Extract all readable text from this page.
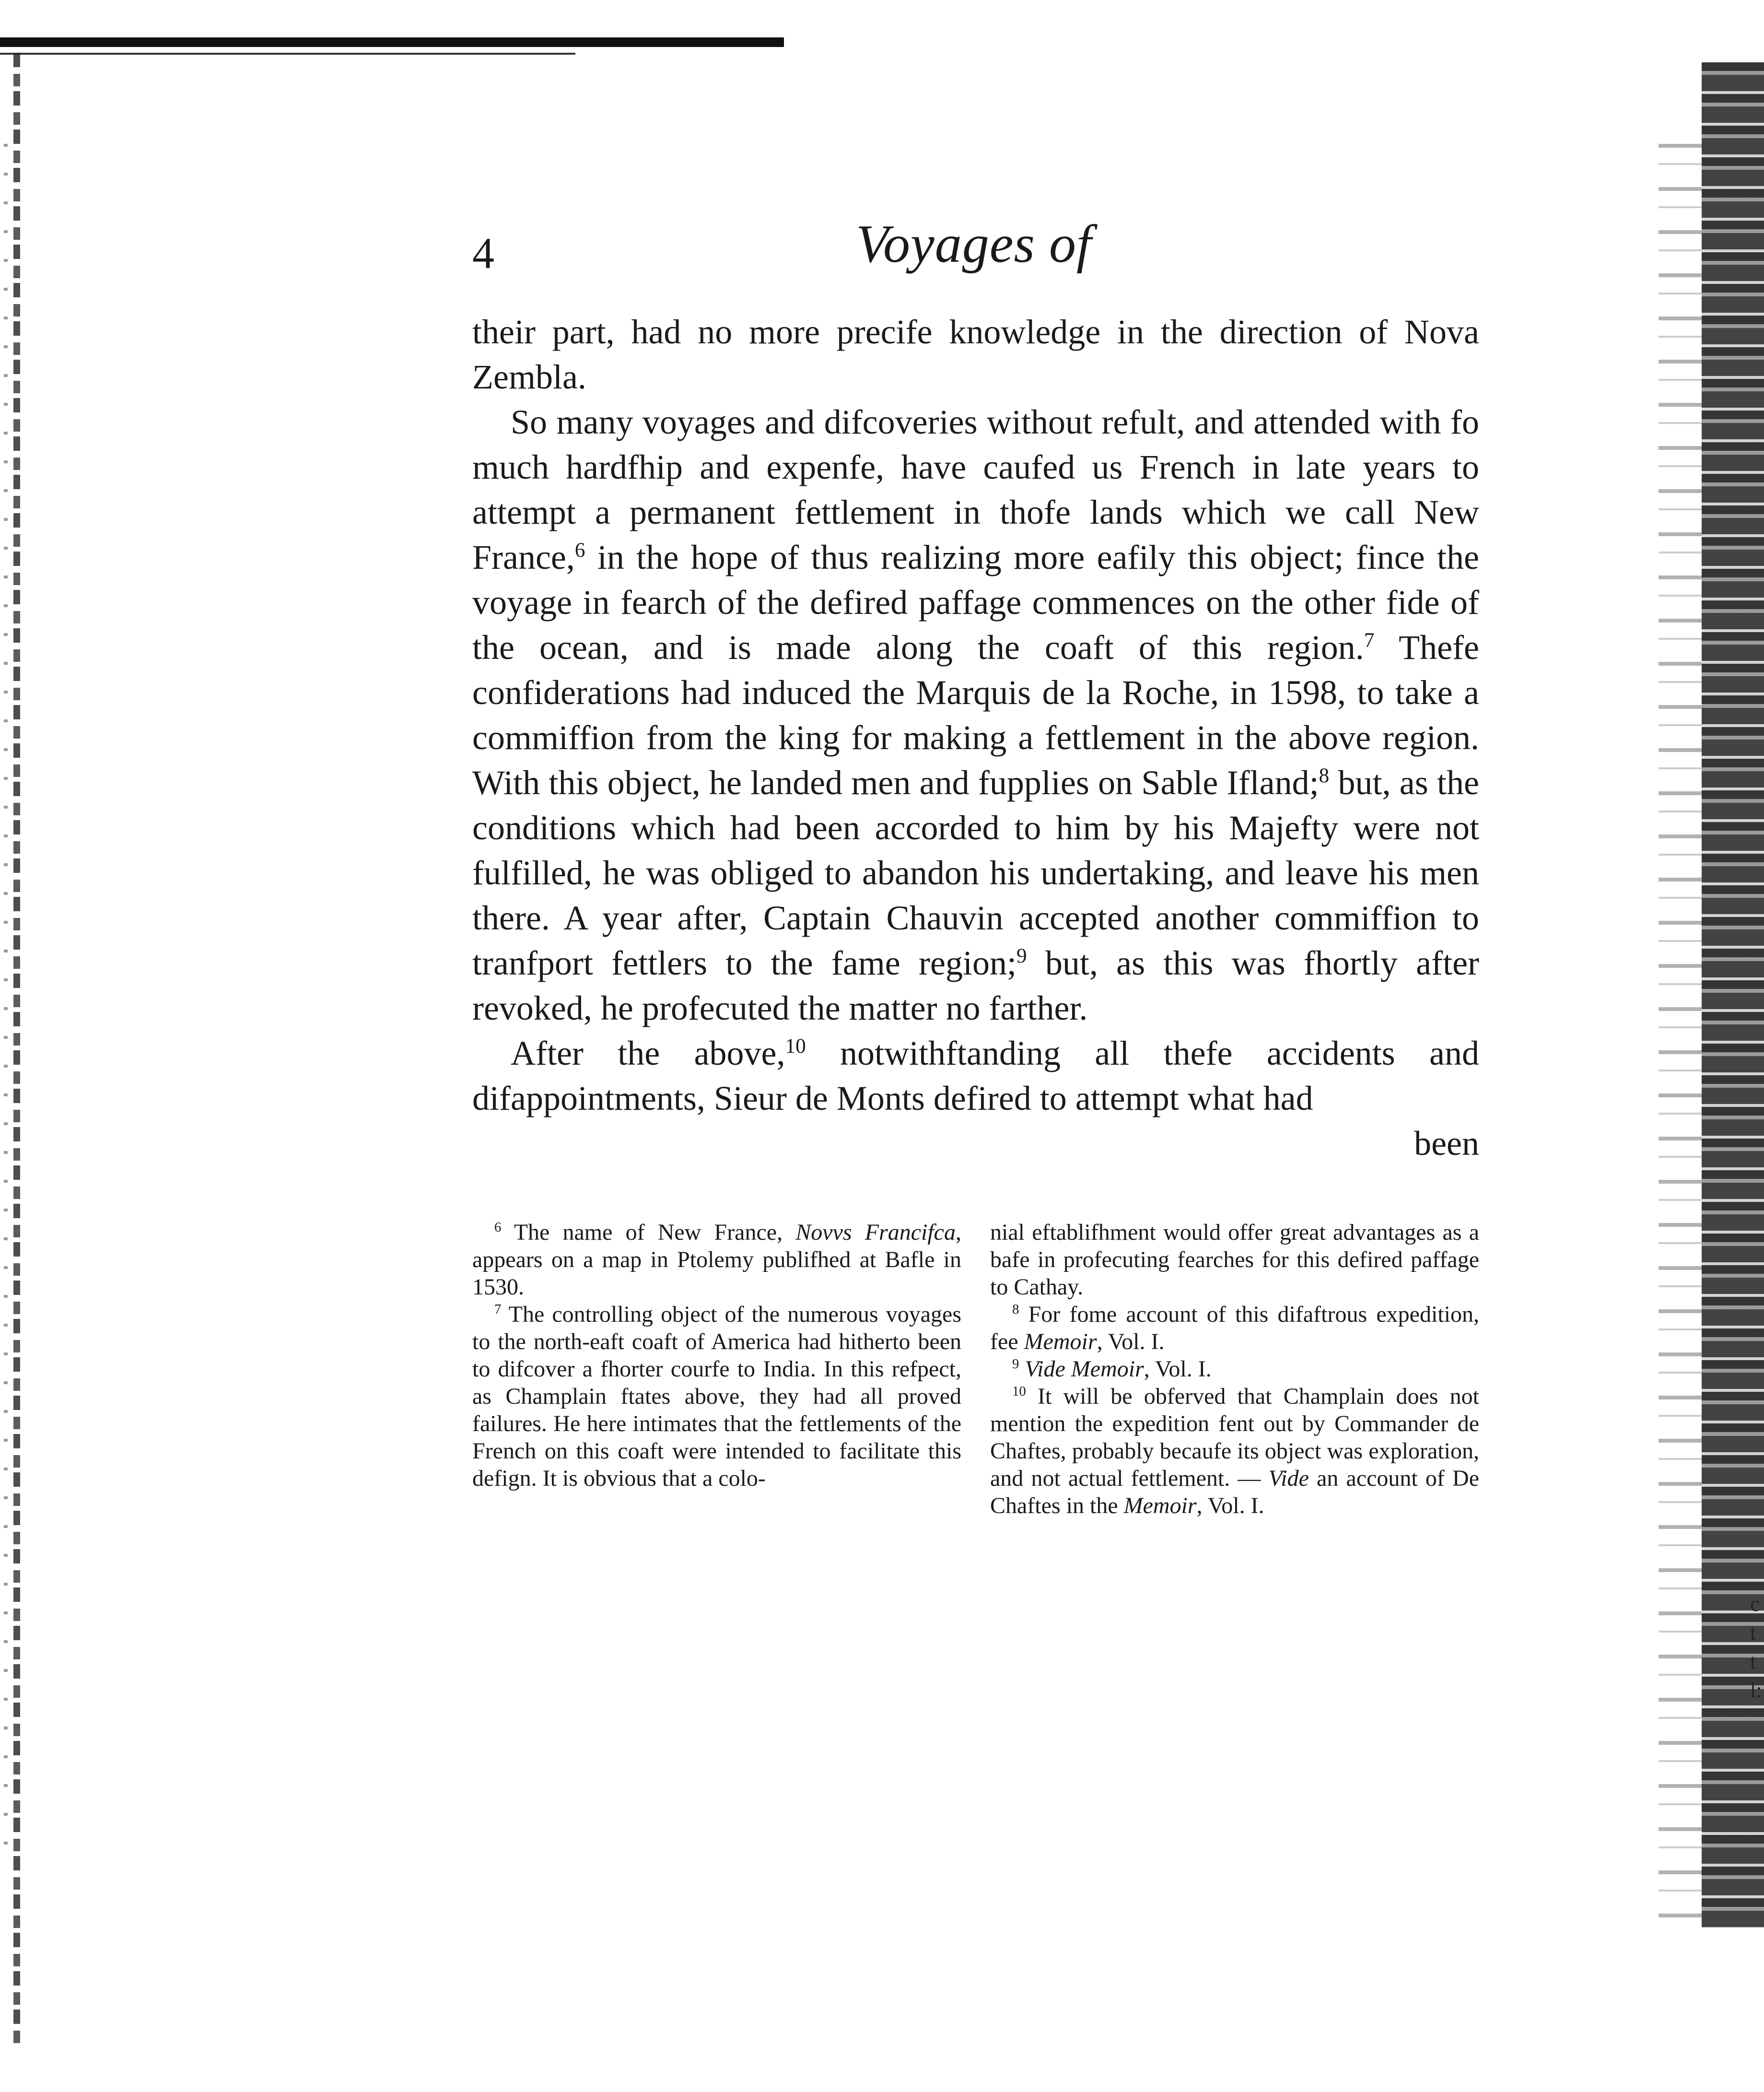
c
t
t
l:
4	Voyages of

their part, had no more precife knowledge in the direction of Nova Zembla.

So many voyages and difcoveries without refult, and attended with fo much hardfhip and expenfe, have caufed us French in late years to attempt a permanent fettlement in thofe lands which we call New France,$^6$ in the hope of thus realizing more eafily this object; fince the voyage in fearch of the defired paffage commences on the other fide of the ocean, and is made along the coaft of this region.$^7$ Thefe confiderations had induced the Marquis de la Roche, in 1598, to take a commiffion from the king for making a fettlement in the above region. With this object, he landed men and fupplies on Sable Ifland;$^8$ but, as the conditions which had been accorded to him by his Majefty were not fulfilled, he was obliged to abandon his undertaking, and leave his men there. A year after, Captain Chauvin accepted another commiffion to tranfport fettlers to the fame region;$^9$ but, as this was fhortly after revoked, he profecuted the matter no farther.

After the above,$^{10}$ notwithftanding all thefe accidents and difappointments, Sieur de Monts defired to attempt what had

been

$^6$ The name of New France, Novvs Francifca, appears on a map in Ptolemy publifhed at Bafle in 1530.

$^7$ The controlling object of the numerous voyages to the north-eaft coaft of America had hitherto been to difcover a fhorter courfe to India. In this refpect, as Champlain ftates above, they had all proved failures. He here intimates that the fettlements of the French on this coaft were intended to facilitate this defign. It is obvious that a colo-

nial eftablifhment would offer great advantages as a bafe in profecuting fearches for this defired paffage to Cathay.

$^8$ For fome account of this difaftrous expedition, fee Memoir, Vol. I.

$^9$ Vide Memoir, Vol. I.

$^{10}$ It will be obferved that Champlain does not mention the expedition fent out by Commander de Chaftes, probably becaufe its object was exploration, and not actual fettlement. — Vide an account of De Chaftes in the Memoir, Vol. I.
